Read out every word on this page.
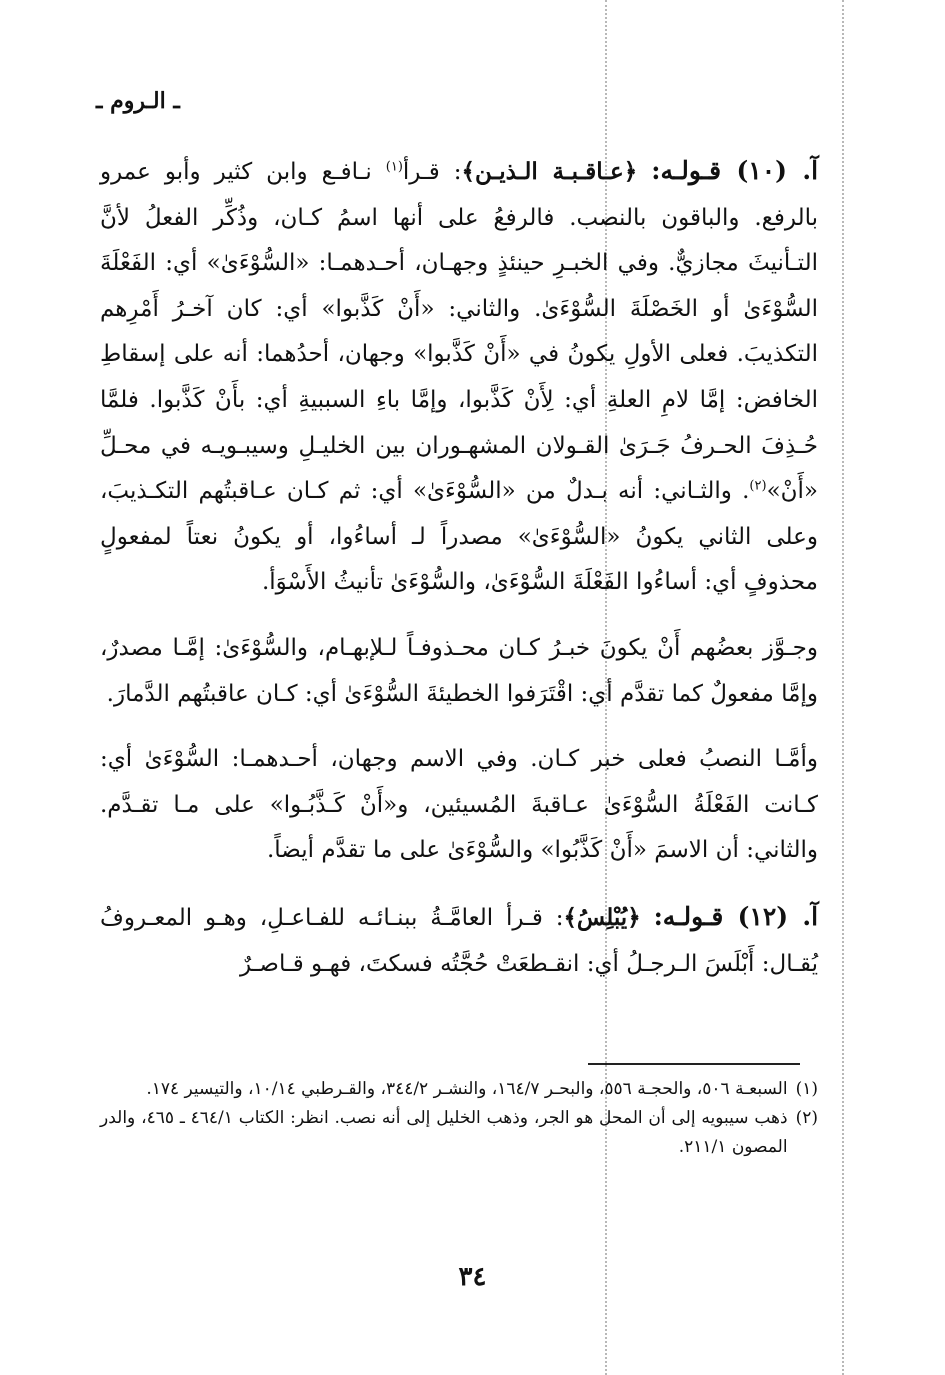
ـ الـروم ـ

آ. (١٠) قـولـه: ﴿عـاقـبـة الـذيـن﴾: قـرأ$^{(١)}$ نـافـع وابن كثير وأبو عمرو بالرفع. والباقون بالنصب. فالرفعُ على أنها اسمُ كـان، وذُكِّر الفعلُ لأنَّ التـأنيثَ مجازيٌّ. وفي الخبـرِ حينئذٍ وجهـان، أحـدهمـا: «السُّوْءَىٰ» أي: الفَعْلَةَ السُّوْءَىٰ أو الخَصْلَةَ السُّوْءَىٰ. والثاني: «أَنْ كَذَّبوا» أي: كان آخـرُ أَمْرِهم التكذيبَ. فعلى الأولِ يكونُ في «أَنْ كَذَّبوا» وجهان، أحدُهما: أنه على إسقاطِ الخافض: إمَّا لامِ العلةِ أي: لِأَنْ كَذَّبوا، وإمَّا باءِ السببيةِ أي: بأَنْ كَذَّبوا. فلمَّا حُـذِفَ الحـرفُ جَـرَىٰ القـولان المشهـوران بين الخليـلِ وسيبـويـه في محـلِّ «أَنْ»$^{(٢)}$. والثـاني: أنه بـدلٌ من «السُّوْءَىٰ» أي: ثم كـان عـاقبتُهم التكـذيبَ، وعلى الثاني يكونُ «السُّوْءَىٰ» مصدراً لـ أساءُوا، أو يكونُ نعتاً لمفعولٍ محذوفٍ أي: أساءُوا الفَعْلَةَ السُّوْءَىٰ، والسُّوْءَىٰ تأنيثُ الأَسْوَأ.

وجـوَّز بعضُهم أَنْ يكونَ خبـرُ كـان محـذوفـاً لـلإبهـام، والسُّوْءَىٰ: إمَّـا مصدرٌ، وإمَّا مفعولٌ كما تقدَّم أي: اقْتَرَفوا الخطيئةَ السُّوْءَىٰ أي: كـان عاقبتُهم الدَّمارَ.

وأمَّـا النصبُ فعلى خبر كـان. وفي الاسم وجهان، أحـدهمـا: السُّوْءَىٰ أي: كـانت الفَعْلَةُ السُّوْءَىٰ عـاقبةَ المُسيئين، و«أَنْ كَـذَّبُـوا» على مـا تقـدَّم. والثاني: أن الاسمَ «أَنْ كَذَّبُوا» والسُّوْءَىٰ على ما تقدَّم أيضاً.

آ. (١٢) قـولـه: ﴿يُبْلِسُ﴾: قـرأ العامَّـةُ ببنـائـه للفـاعـلِ، وهـو المعـروفُ يُقـال: أَبْلَسَ الـرجـلُ أي: انقـطعَتْ حُجَّتُه فسكتَ، فهـو قـاصـرٌ

(١)
السبعـة ٥٠٦، والحجـة ٥٥٦، والبحـر ١٦٤/٧، والنشـر ٣٤٤/٢، والقـرطبي ١٠/١٤، والتيسير ١٧٤.
(٢)
ذهب سيبويه إلى أن المحل هو الجر، وذهب الخليل إلى أنه نصب. انظر: الكتاب ٤٦٤/١ ـ ٤٦٥، والدر المصون ٢١١/١.
٣٤
